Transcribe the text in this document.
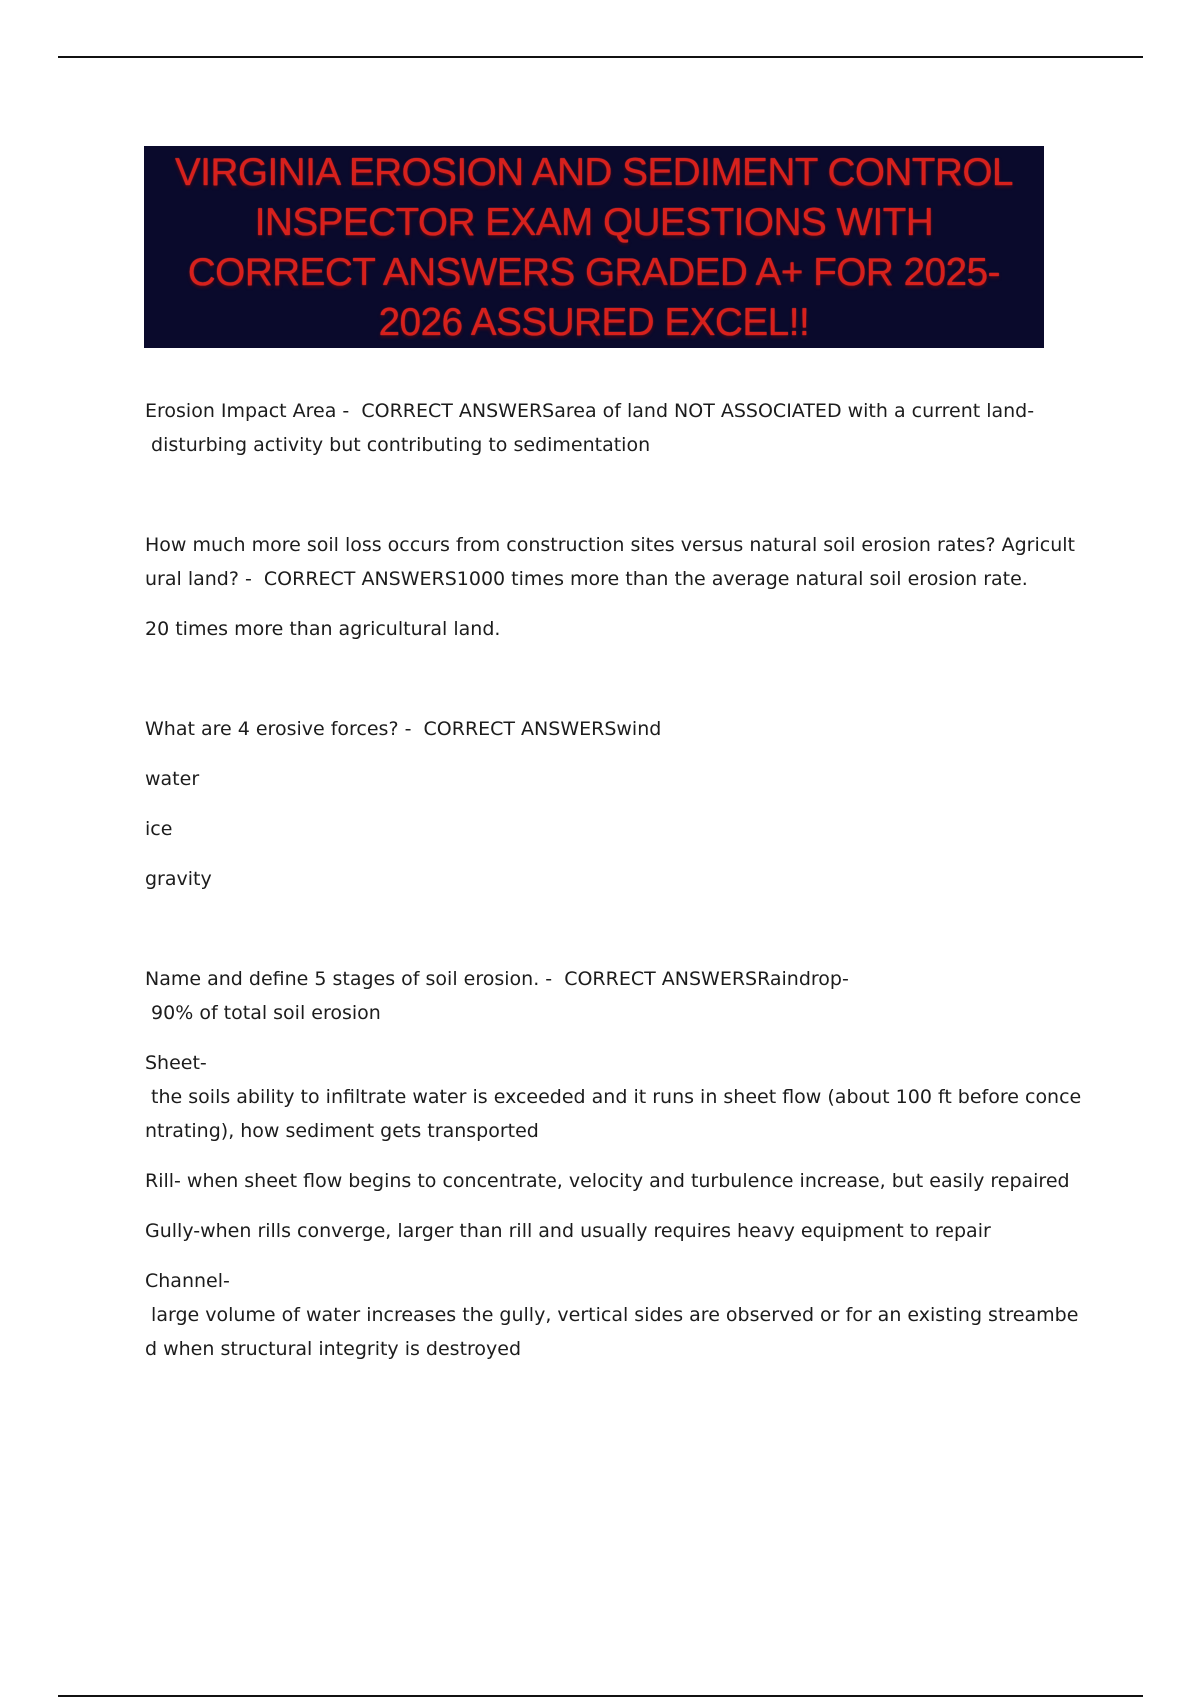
VIRGINIA EROSION AND SEDIMENT CONTROL
INSPECTOR EXAM QUESTIONS WITH
CORRECT ANSWERS GRADED A+ FOR 2025-
2026 ASSURED EXCEL!!

Erosion Impact Area -  CORRECT ANSWERSarea of land NOT ASSOCIATED with a current land-

disturbing activity but contributing to sedimentation

How much more soil loss occurs from construction sites versus natural soil erosion rates? Agricult

ural land? -  CORRECT ANSWERS1000 times more than the average natural soil erosion rate.

20 times more than agricultural land.

What are 4 erosive forces? -  CORRECT ANSWERSwind

water

ice

gravity

Name and define 5 stages of soil erosion. -  CORRECT ANSWERSRaindrop-

90% of total soil erosion

Sheet-

the soils ability to infiltrate water is exceeded and it runs in sheet flow (about 100 ft before conce

ntrating), how sediment gets transported

Rill- when sheet flow begins to concentrate, velocity and turbulence increase, but easily repaired

Gully-when rills converge, larger than rill and usually requires heavy equipment to repair

Channel-

large volume of water increases the gully, vertical sides are observed or for an existing streambe

d when structural integrity is destroyed
